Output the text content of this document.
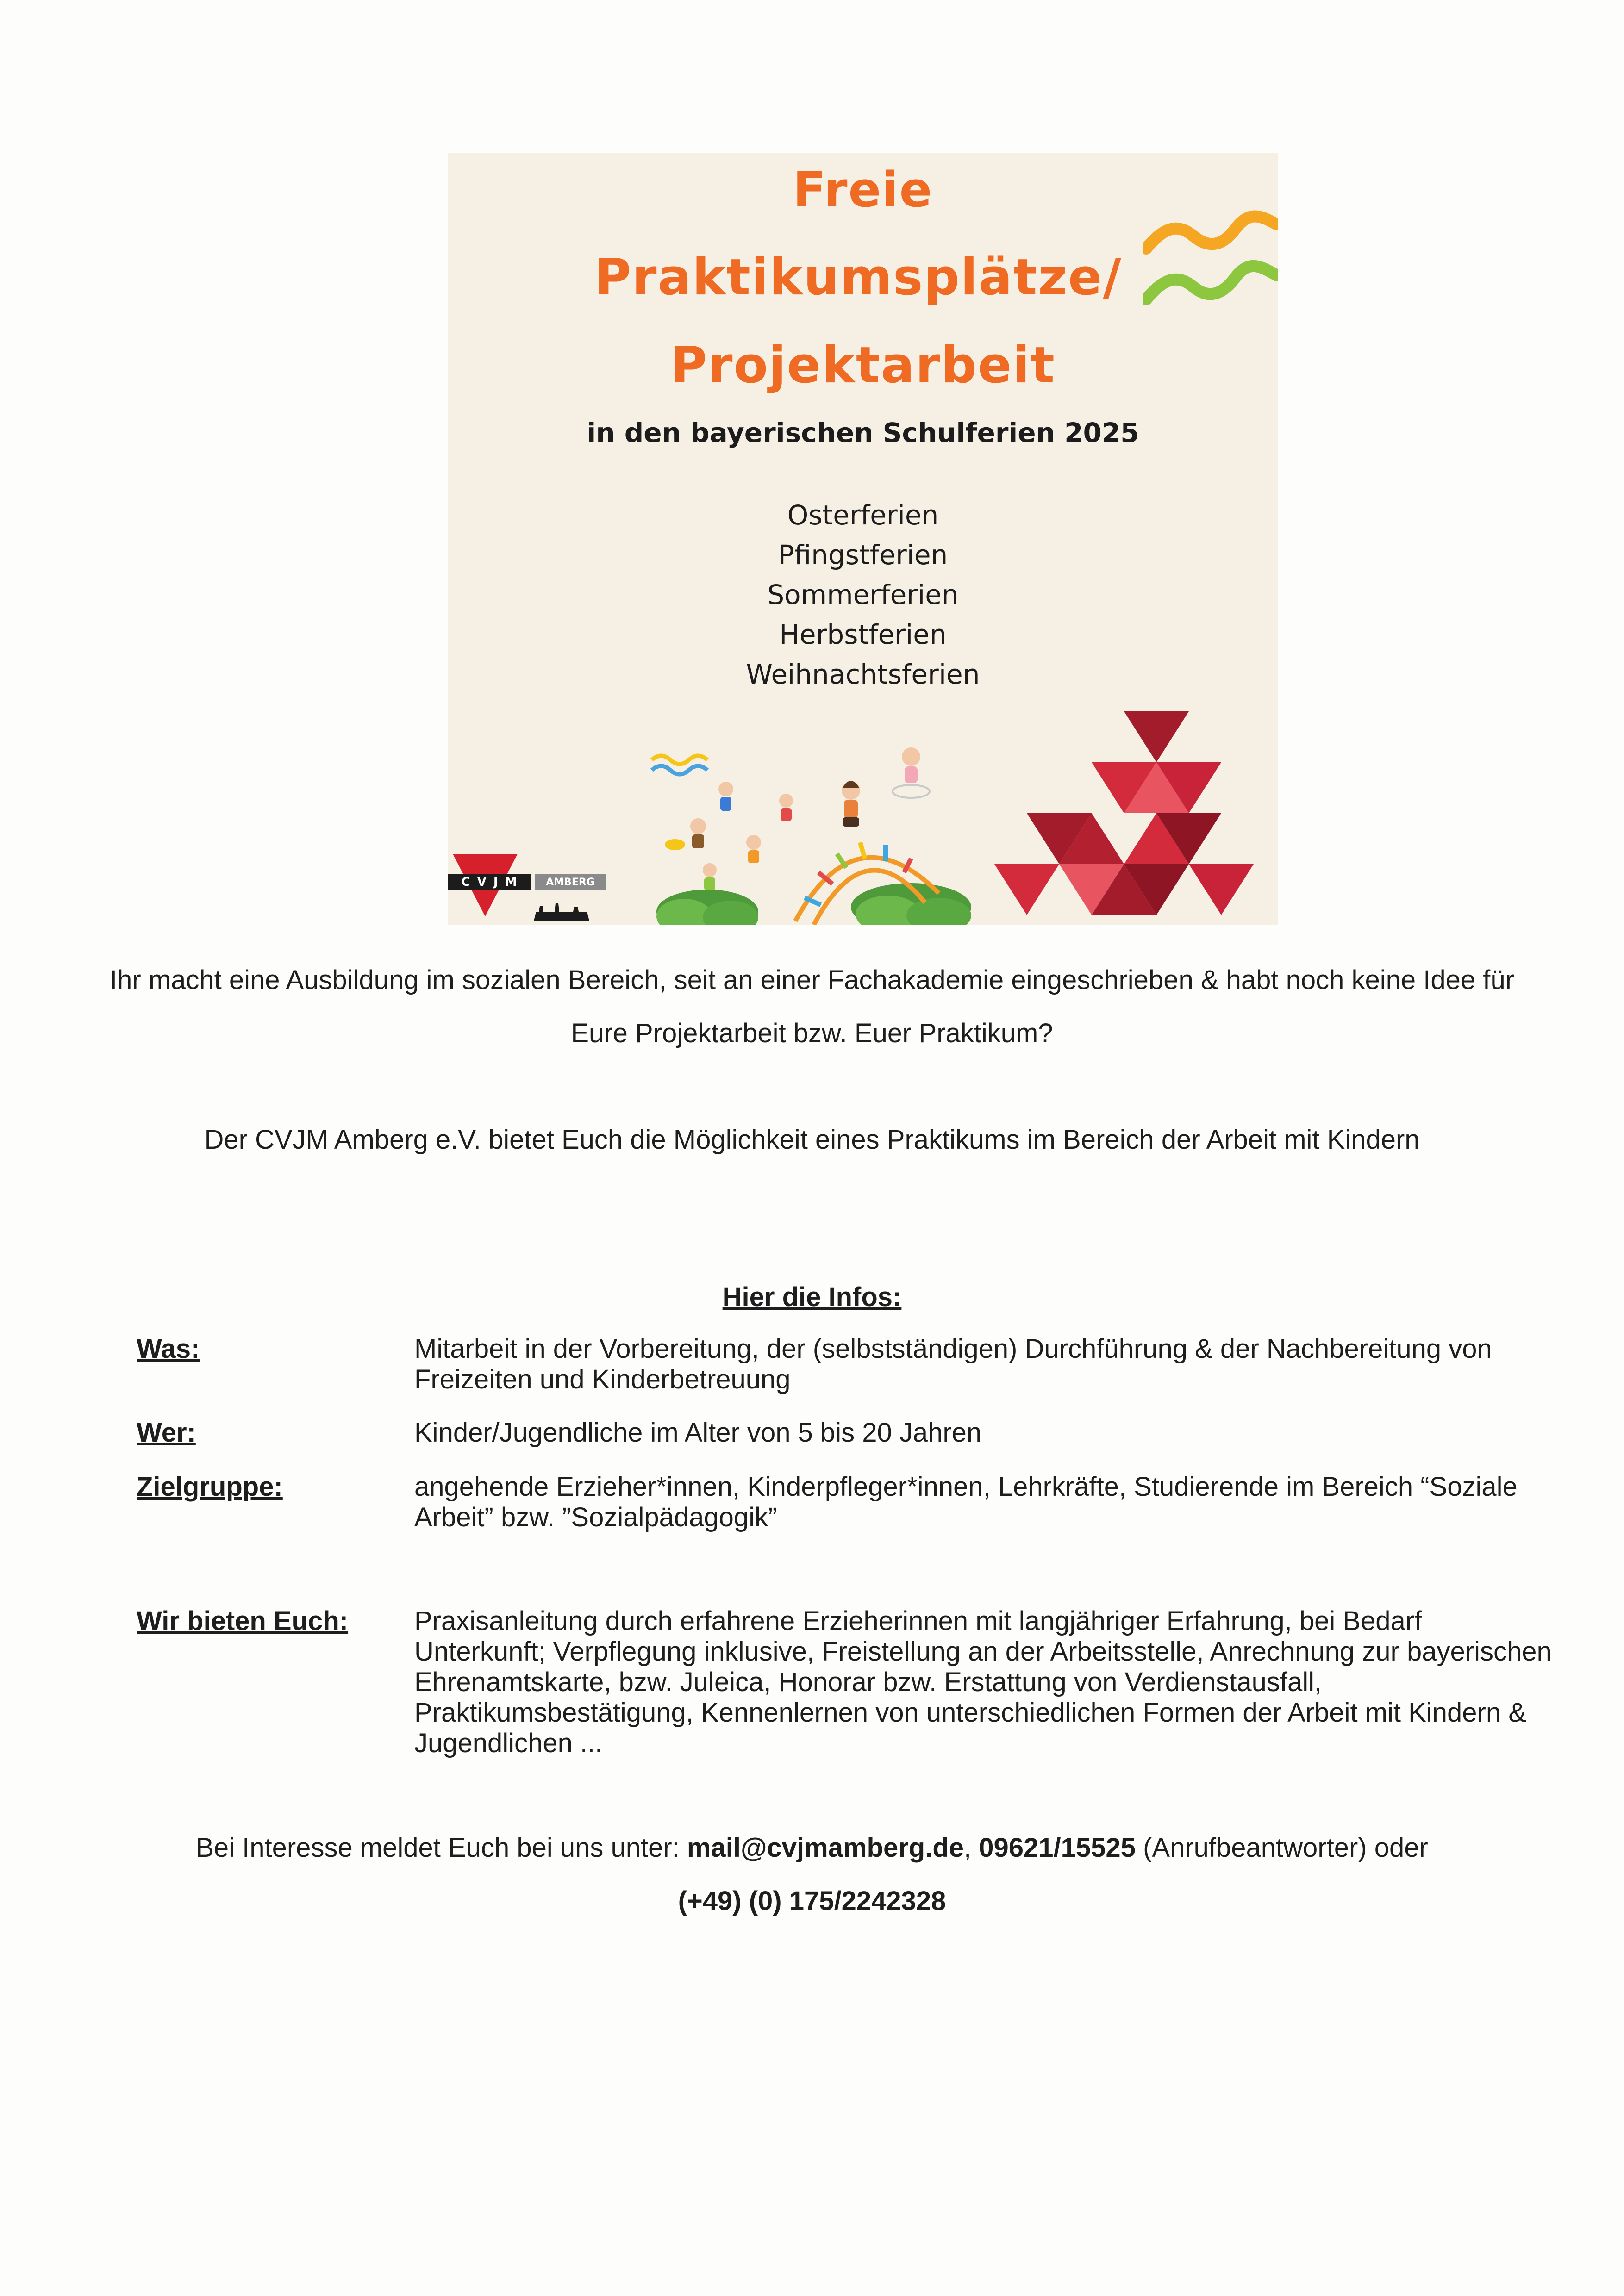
Freie
Praktikumsplätze/
Projektarbeit
in den bayerischen Schulferien 2025
Osterferien
Pfingstferien
Sommerferien
Herbstferien
Weihnachtsferien
C V J M	AMBERG

Ihr macht eine Ausbildung im sozialen Bereich, seit an einer Fachakademie eingeschrieben & habt noch keine Idee für Eure Projektarbeit bzw. Euer Praktikum?

Der CVJM Amberg e.V. bietet Euch die Möglichkeit eines Praktikums im Bereich der Arbeit mit Kindern

Hier die Infos:
Was:	Mitarbeit in der Vorbereitung, der (selbstständigen) Durchführung & der Nachbereitung von Freizeiten und Kinderbetreuung
Wer:	Kinder/Jugendliche im Alter von 5 bis 20 Jahren
Zielgruppe:	angehende Erzieher*innen, Kinderpfleger*innen, Lehrkräfte, Studierende im Bereich “Soziale Arbeit” bzw. ”Sozialpädagogik”
Wir bieten Euch: Praxisanleitung durch erfahrene Erzieherinnen mit langjähriger Erfahrung, bei Bedarf Unterkunft; Verpflegung inklusive, Freistellung an der Arbeitsstelle, Anrechnung zur bayerischen Ehrenamtskarte, bzw. Juleica, Honorar bzw. Erstattung von Verdienstausfall, Praktikumsbestätigung, Kennenlernen von unterschiedlichen Formen der Arbeit mit Kindern & Jugendlichen ...

Bei Interesse meldet Euch bei uns unter: mail@cvjmamberg.de, 09621/15525 (Anrufbeantworter) oder
(+49) (0) 175/2242328
